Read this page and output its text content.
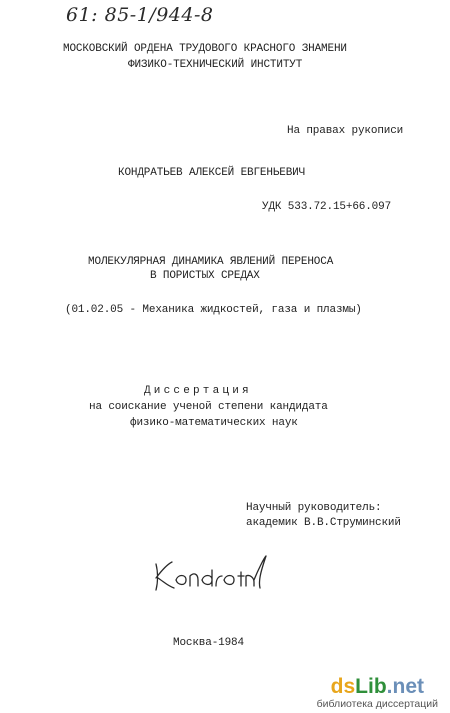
61: 85-1/944-8
МОСКОВСКИЙ ОРДЕНА ТРУДОВОГО КРАСНОГО ЗНАМЕНИ
ФИЗИКО-ТЕХНИЧЕСКИЙ ИНСТИТУТ
На правах рукописи
КОНДРАТЬЕВ АЛЕКСЕЙ ЕВГЕНЬЕВИЧ
УДК 533.72.15+66.097
МОЛЕКУЛЯРНАЯ ДИНАМИКА ЯВЛЕНИЙ ПЕРЕНОСА
В ПОРИСТЫХ СРЕДАХ
(01.02.05 - Механика жидкостей, газа и плазмы)
Диссертация
на соискание ученой степени кандидата
физико-математических наук
Научный руководитель:
академик В.В.Струминский
Москва-1984
dsLib.net
библиотека диссертаций
